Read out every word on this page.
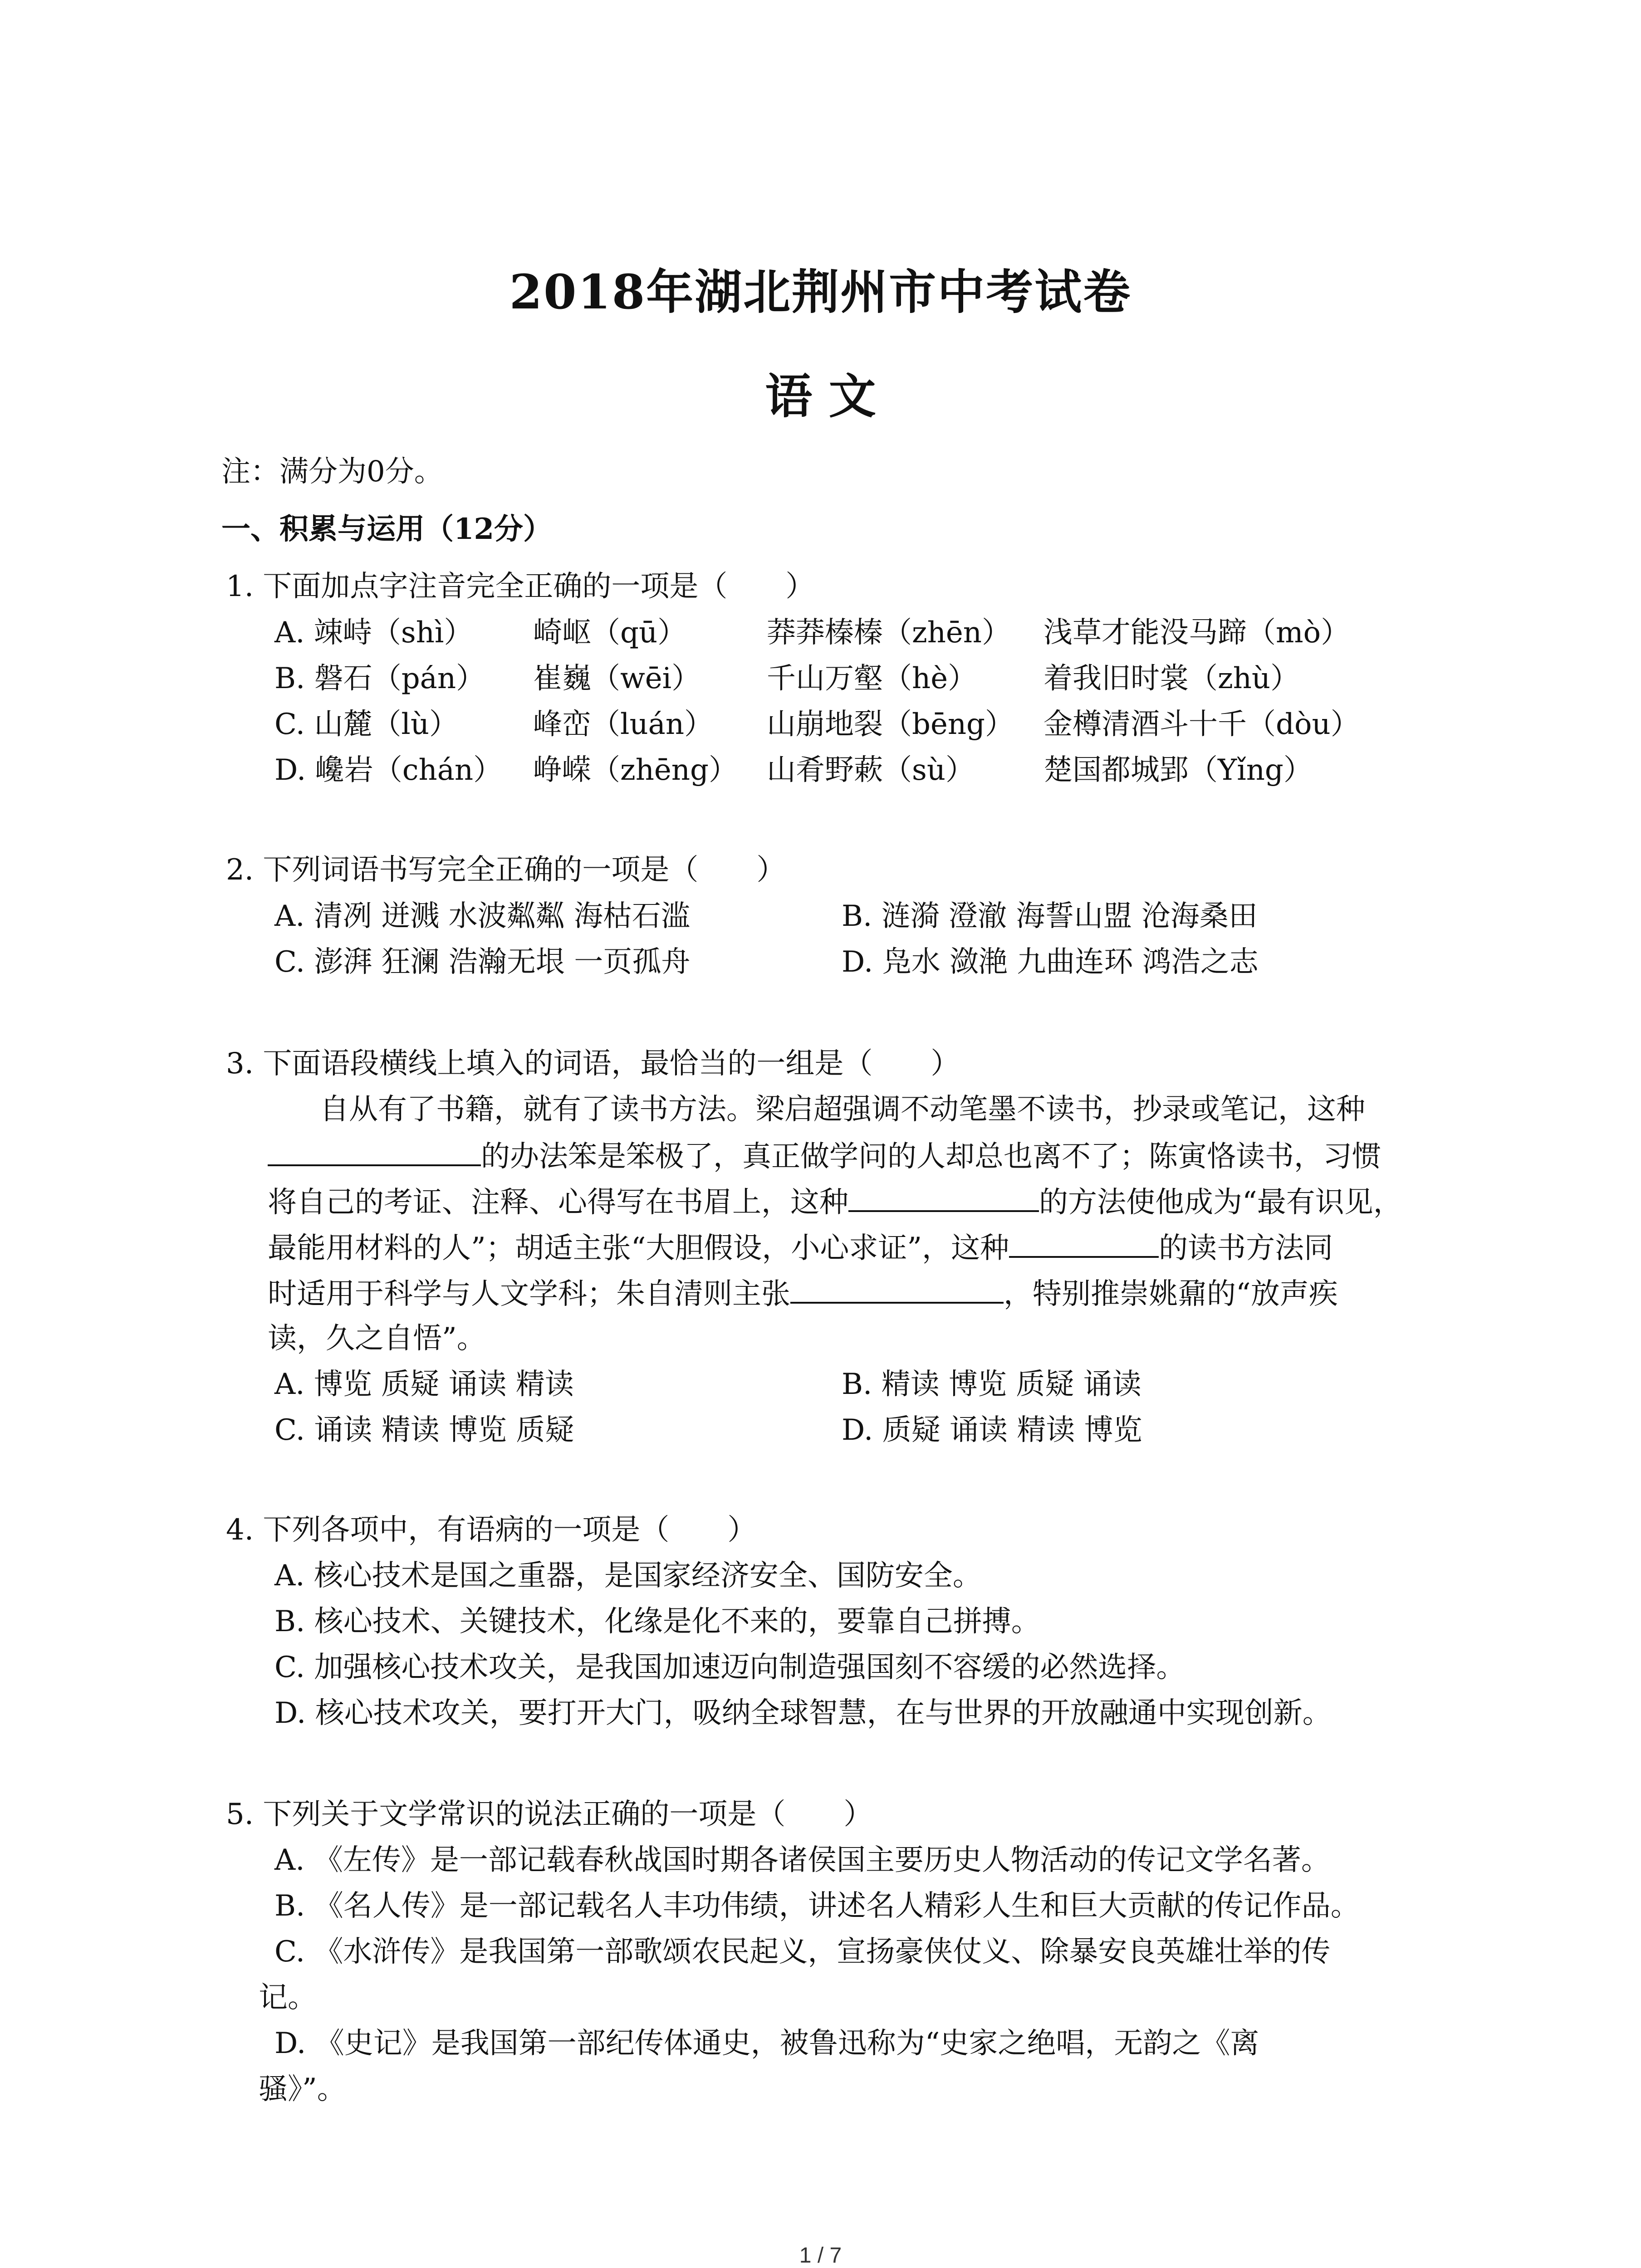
2018年湖北荆州市中考试卷
语 文
注：满分为0分。
一、积累与运用（12分）
1. 下面加点字注音完全正确的一项是（　　）
A. 竦峙（shì） 崎岖（qū）	莽莽榛榛（zhēn） 浅草才能没马蹄（mò）
B. 磐石（pán） 崔巍（wēi） 千山万壑（hè） 着我旧时裳（zhù）
C. 山麓（lù）	峰峦（luán） 山崩地裂（bēng） 金樽清酒斗十千（dòu）
D. 巉岩（chán） 峥嵘（zhēng） 山肴野蔌（sù） 楚国都城郢（Yǐng）
2. 下列词语书写完全正确的一项是（　　）
A. 清冽 迸溅 水波粼粼 海枯石滥	B. 涟漪 澄澈 海誓山盟 沧海桑田
C. 澎湃 狂澜 浩瀚无垠 一页孤舟	D. 凫水 潋滟 九曲连环 鸿浩之志
3. 下面语段横线上填入的词语，最恰当的一组是（　　）
自从有了书籍，就有了读书方法。梁启超强调不动笔墨不读书，抄录或笔记，这种
的办法笨是笨极了，真正做学问的人却总也离不了；陈寅恪读书，习惯
将自己的考证、注释、心得写在书眉上，这种	的方法使他成为“最有识见，
最能用材料的人”；胡适主张“大胆假设，小心求证”，这种	的读书方法同
时适用于科学与人文学科；朱自清则主张	，特别推崇姚鼐的“放声疾
读，久之自悟”。
A. 博览 质疑 诵读 精读	B. 精读 博览 质疑 诵读
C. 诵读 精读 博览 质疑	D. 质疑 诵读 精读 博览
4. 下列各项中，有语病的一项是（　　）
A. 核心技术是国之重器，是国家经济安全、国防安全。
B. 核心技术、关键技术，化缘是化不来的，要靠自己拼搏。
C. 加强核心技术攻关，是我国加速迈向制造强国刻不容缓的必然选择。
D. 核心技术攻关，要打开大门，吸纳全球智慧，在与世界的开放融通中实现创新。
5. 下列关于文学常识的说法正确的一项是（　　）
A. 《左传》是一部记载春秋战国时期各诸侯国主要历史人物活动的传记文学名著。
B. 《名人传》是一部记载名人丰功伟绩，讲述名人精彩人生和巨大贡献的传记作品。
C. 《水浒传》是我国第一部歌颂农民起义，宣扬豪侠仗义、除暴安良英雄壮举的传
记。
D. 《史记》是我国第一部纪传体通史，被鲁迅称为“史家之绝唱，无韵之《离
骚》”。
1 / 7
